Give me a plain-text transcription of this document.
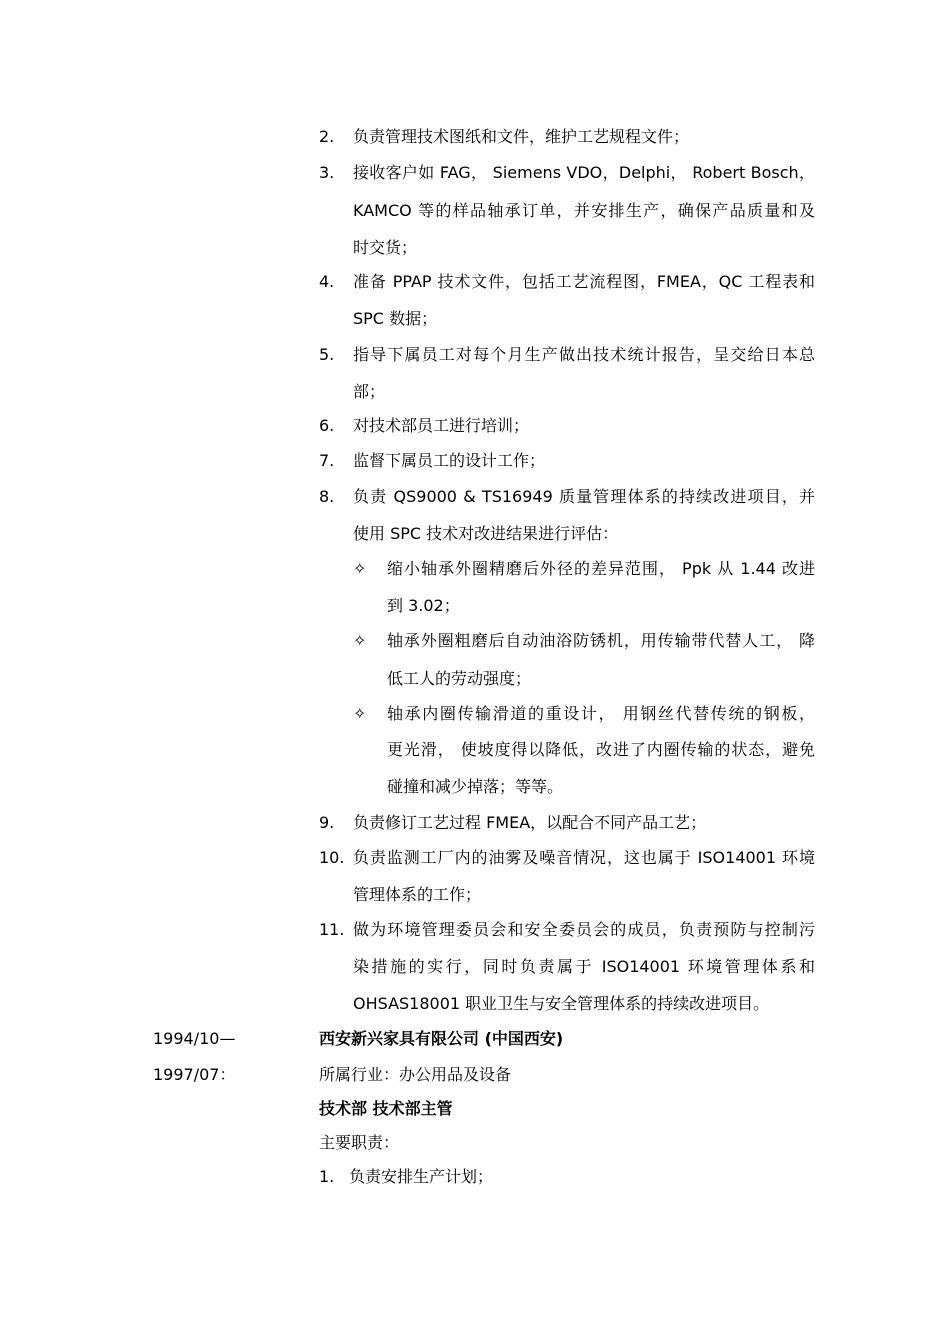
2. 负责管理技术图纸和文件，维护工艺规程文件；
3. 接收客户如 FAG， Siemens VDO，Delphi， Robert Bosch，
KAMCO 等的样品轴承订单，并安排生产，确保产品质量和及
时交货；
4. 准备 PPAP 技术文件，包括工艺流程图，FMEA，QC 工程表和
SPC 数据；
5. 指导下属员工对每个月生产做出技术统计报告，呈交给日本总
部；
6. 对技术部员工进行培训；
7. 监督下属员工的设计工作；
8. 负责 QS9000 & TS16949 质量管理体系的持续改进项目，并
使用 SPC 技术对改进结果进行评估：
✧ 缩小轴承外圈精磨后外径的差异范围， Ppk 从 1.44 改进
到 3.02；
✧ 轴承外圈粗磨后自动油浴防锈机，用传输带代替人工， 降
低工人的劳动强度；
✧ 轴承内圈传输滑道的重设计， 用钢丝代替传统的钢板，
更光滑， 使坡度得以降低，改进了内圈传输的状态，避免
碰撞和减少掉落；等等。
9. 负责修订工艺过程 FMEA，以配合不同产品工艺；
10. 负责监测工厂内的油雾及噪音情况，这也属于 ISO14001 环境
管理体系的工作；
11. 做为环境管理委员会和安全委员会的成员，负责预防与控制污
染措施的实行，同时负责属于 ISO14001 环境管理体系和
OHSAS18001 职业卫生与安全管理体系的持续改进项目。
1994/10—	西安新兴家具有限公司 (中国西安)
1997/07：	所属行业：办公用品及设备
技术部 技术部主管
主要职责：
1. 负责安排生产计划；
